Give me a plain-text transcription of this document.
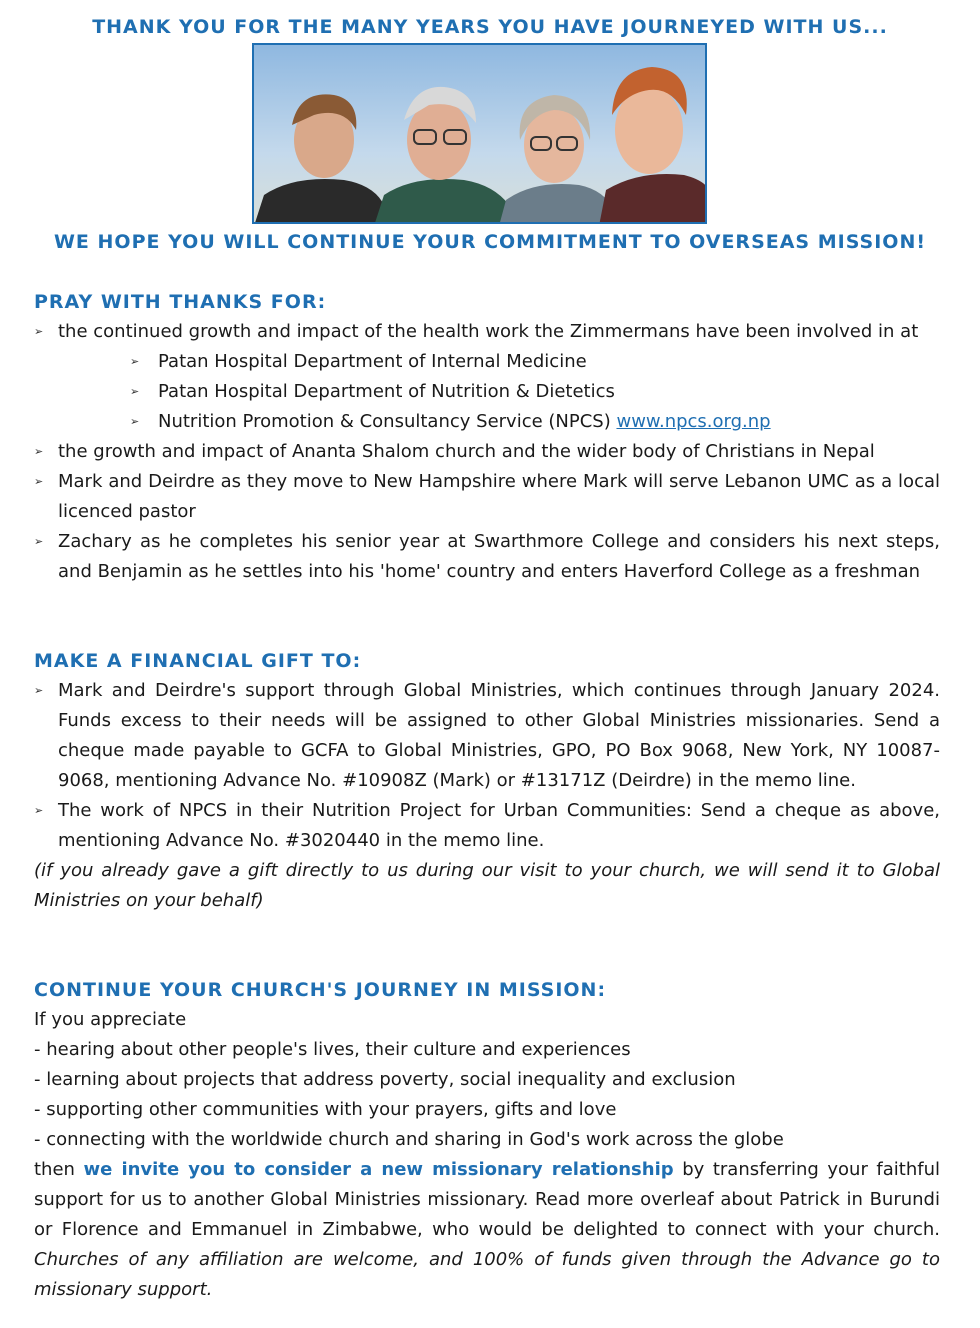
THANK YOU FOR THE MANY YEARS YOU HAVE JOURNEYED WITH US...
WE HOPE YOU WILL CONTINUE YOUR COMMITMENT TO OVERSEAS MISSION!
PRAY WITH THANKS FOR:
➢ the continued growth and impact of the health work the Zimmermans have been involved in at
➢ Patan Hospital Department of Internal Medicine
➢ Patan Hospital Department of Nutrition & Dietetics
➢ Nutrition Promotion & Consultancy Service (NPCS) www.npcs.org.np
➢ the growth and impact of Ananta Shalom church and the wider body of Christians in Nepal
➢ Mark and Deirdre as they move to New Hampshire where Mark will serve Lebanon UMC as a local licenced pastor
➢ Zachary as he completes his senior year at Swarthmore College and considers his next steps, and Benjamin as he settles into his 'home' country and enters Haverford College as a freshman
MAKE A FINANCIAL GIFT TO:
➢ Mark and Deirdre's support through Global Ministries, which continues through January 2024. Funds excess to their needs will be assigned to other Global Ministries missionaries. Send a cheque made payable to GCFA to Global Ministries, GPO, PO Box 9068, New York, NY 10087-9068, mentioning Advance No. #10908Z (Mark) or #13171Z (Deirdre) in the memo line.
➢ The work of NPCS in their Nutrition Project for Urban Communities: Send a cheque as above, mentioning Advance No. #3020440 in the memo line.
(if you already gave a gift directly to us during our visit to your church, we will send it to Global Ministries on your behalf)
CONTINUE YOUR CHURCH'S JOURNEY IN MISSION:
If you appreciate
- hearing about other people's lives, their culture and experiences
- learning about projects that address poverty, social inequality and exclusion
- supporting other communities with your prayers, gifts and love
- connecting with the worldwide church and sharing in God's work across the globe
then we invite you to consider a new missionary relationship by transferring your faithful support for us to another Global Ministries missionary. Read more overleaf about Patrick in Burundi or Florence and Emmanuel in Zimbabwe, who would be delighted to connect with your church. Churches of any affiliation are welcome, and 100% of funds given through the Advance go to missionary support.
